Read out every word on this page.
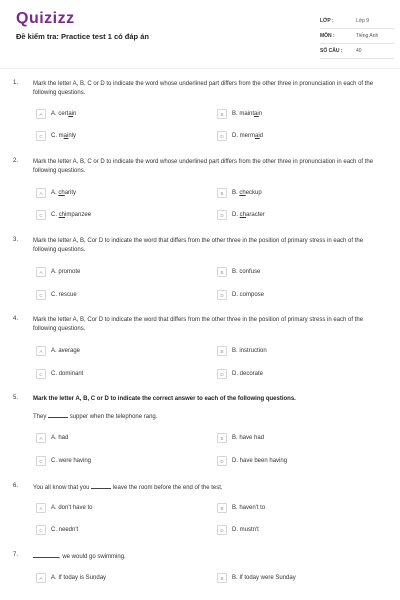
Quizizz
Đề kiểm tra: Practice test 1 có đáp án
LỚP :	Lớp 9
MÔN :	Tiếng Anh
SỐ CÂU :	40
1. Mark the letter A, B, C or D to indicate the word whose underlined part differs from the other three in pronunciation in each of the following questions.
A	A. certain	B	B. maintain
C	C. mainly	D	D. mermaid
2. Mark the letter A, B, C or D to indicate the word whose underlined part differs from the other three in pronunciation in each of the following questions.
A	A. charity	B	B. checkup
C	C. chimpanzee	D	D. character
3. Mark the letter A, B, Cor D to indicate the word that differs from the other three in the position of primary stress in each of the following questions.
A	A. promote	B	B. confuse
C	C. rescue	D	D. compose
4. Mark the letter A, B, Cor D to indicate the word that differs from the other three in the position of primary stress in each of the following questions.
A	A. average	B	B. instruction
C	C. dominant	D	D. decorate
5. Mark the letter A, B, C or D to indicate the correct answer to each of the following questions.
They	supper when the telephone rang.
A	A. had	B	B. have had
C	C. were having	D	D. have been having
6. You all know that you	leave the room before the end of the test.
A	A. don't have to	B	B. haven't to
C	C. needn't	D	D. mustn't
7.	, we would go swimming.
A	A. If today is Sunday	B	B. If today were Sunday
